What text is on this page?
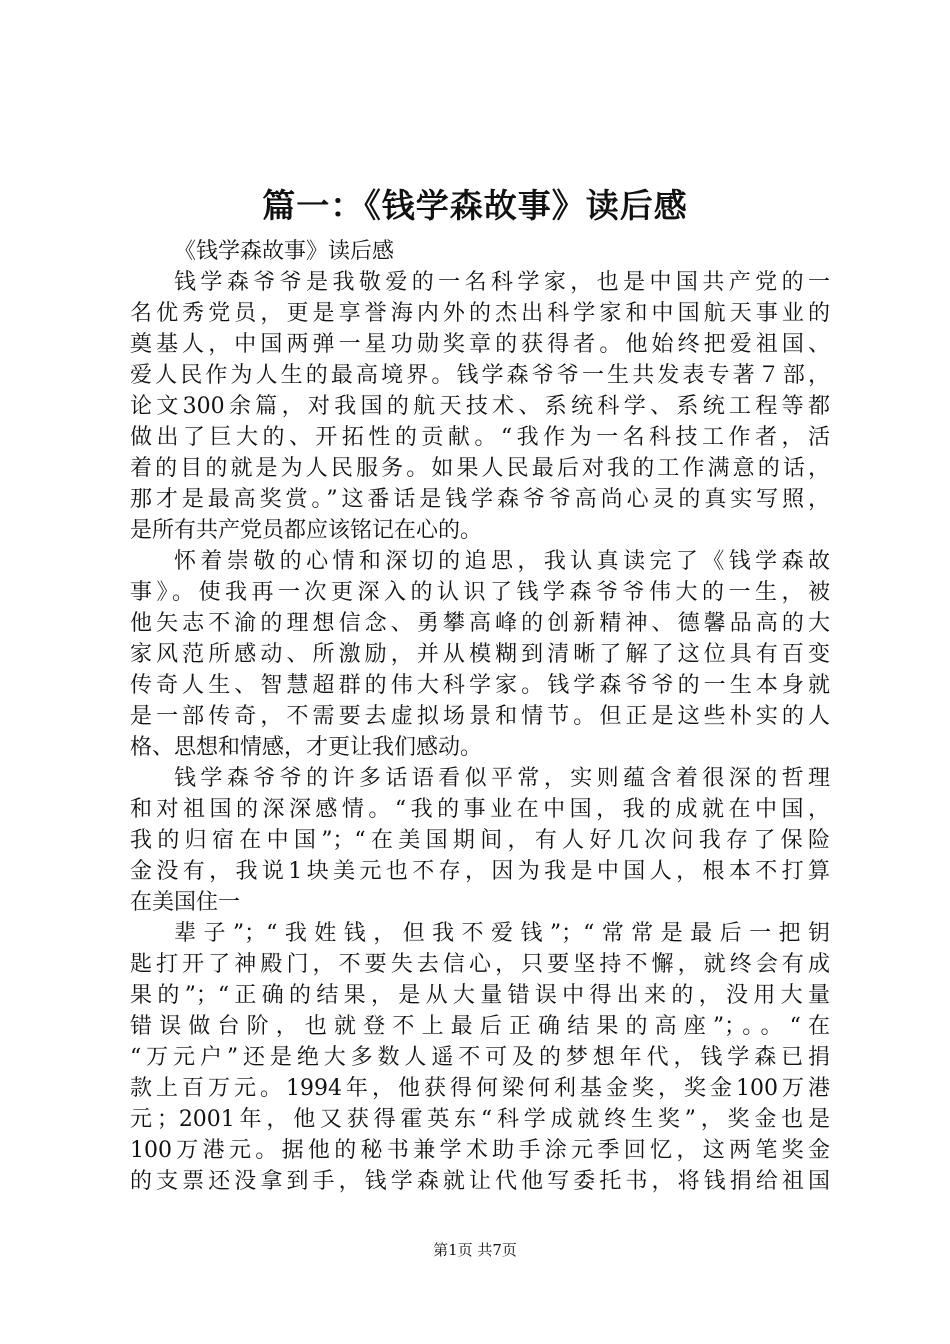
篇一：《钱学森故事》读后感
《钱学森故事》读后感
钱学森爷爷是我敬爱的一名科学家，也是中国共产党的一
名优秀党员，更是享誉海内外的杰出科学家和中国航天事业的
奠基人，中国两弹一星功勋奖章的获得者。他始终把爱祖国、
爱人民作为人生的最高境界。钱学森爷爷一生共发表专著７部，
论文300余篇，对我国的航天技术、系统科学、系统工程等都
做出了巨大的、开拓性的贡献。“我作为一名科技工作者，活
着的目的就是为人民服务。如果人民最后对我的工作满意的话，
那才是最高奖赏。”这番话是钱学森爷爷高尚心灵的真实写照，
是所有共产党员都应该铭记在心的。
怀着崇敬的心情和深切的追思，我认真读完了《钱学森故
事》。使我再一次更深入的认识了钱学森爷爷伟大的一生，被
他矢志不渝的理想信念、勇攀高峰的创新精神、德馨品高的大
家风范所感动、所激励，并从模糊到清晰了解了这位具有百变
传奇人生、智慧超群的伟大科学家。钱学森爷爷的一生本身就
是一部传奇，不需要去虚拟场景和情节。但正是这些朴实的人
格、思想和情感，才更让我们感动。
钱学森爷爷的许多话语看似平常，实则蕴含着很深的哲理
和对祖国的深深感情。“我的事业在中国，我的成就在中国，
我的归宿在中国”；“在美国期间，有人好几次问我存了保险
金没有，我说1块美元也不存，因为我是中国人，根本不打算
在美国住一
辈子”；“我姓钱，但我不爱钱”；“常常是最后一把钥
匙打开了神殿门，不要失去信心，只要坚持不懈，就终会有成
果的”；“正确的结果，是从大量错误中得出来的，没用大量
错误做台阶，也就登不上最后正确结果的高座”；。。“在
“万元户”还是绝大多数人遥不可及的梦想年代，钱学森已捐
款上百万元。1994年，他获得何梁何利基金奖，奖金100万港
元；2001年，他又获得霍英东“科学成就终生奖”，奖金也是
100万港元。据他的秘书兼学术助手涂元季回忆，这两笔奖金
的支票还没拿到手，钱学森就让代他写委托书，将钱捐给祖国
第1页 共7页
